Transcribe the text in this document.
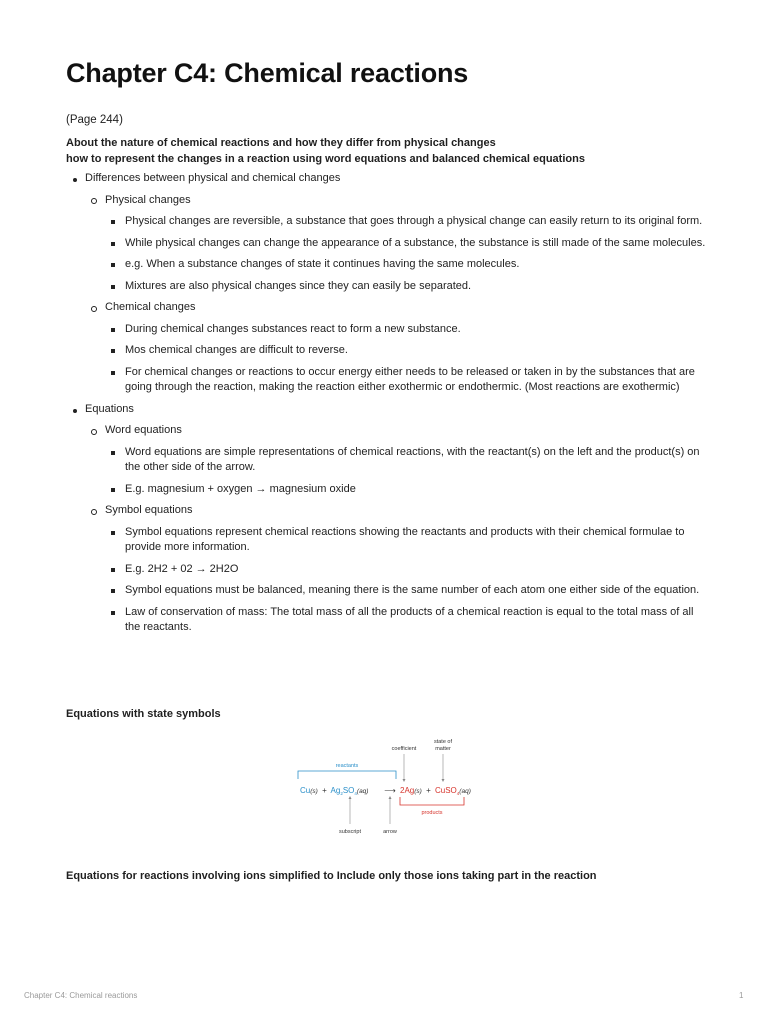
Chapter C4: Chemical reactions
(Page 244)
About the nature of chemical reactions and how they differ from physical changes
how to represent the changes in a reaction using word equations and balanced chemical equations
Differences between physical and chemical changes
Physical changes
Physical changes are reversible, a substance that goes through a physical change can easily return to its original form.
While physical changes can change the appearance of a substance, the substance is still made of the same molecules.
e.g. When a substance changes of state it continues having the same molecules.
Mixtures are also physical changes since they can easily be separated.
Chemical changes
During chemical changes substances react to form a new substance.
Mos chemical changes are difficult to reverse.
For chemical changes or reactions to occur energy either needs to be released or taken in by the substances that are going through the reaction, making the reaction either exothermic or endothermic. (Most reactions are exothermic)
Equations
Word equations
Word equations are simple representations of chemical reactions, with the reactant(s) on the left and the product(s) on the other side of the arrow.
E.g. magnesium + oxygen → magnesium oxide
Symbol equations
Symbol equations represent chemical reactions showing the reactants and products with their chemical formulae to provide more information.
E.g. 2H2 + 02 → 2H2O
Symbol equations must be balanced, meaning there is the same number of each atom one either side of the equation.
Law of conservation of mass: The total mass of all the products of a chemical reaction is equal to the total mass of all the reactants.
Equations with state symbols
state of
matter
coefficient
reactants
$Cu(s) + Ag_2SO_4^{(aq)}$ ⟶ 2Ag(s) + CuSO$_4^{(aq)}$
products
subscript	arrow
Equations for reactions involving ions simplified to Include only those ions taking part in the reaction
Chapter C4: Chemical reactions	1
